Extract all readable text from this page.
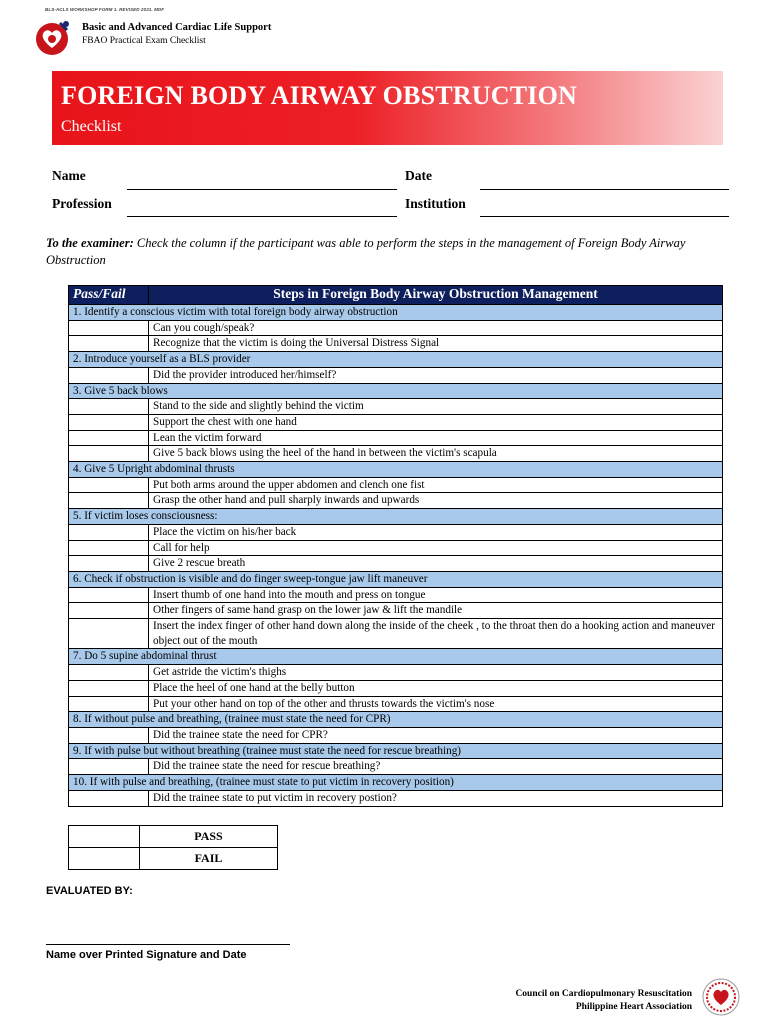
BLS-ACLS WORKSHOP FORM 1. REVISED 2021. MDF
Basic and Advanced Cardiac Life Support
FBAO Practical Exam Checklist
FOREIGN BODY AIRWAY OBSTRUCTION
Checklist
Name	Date
Profession	Institution
To the examiner: Check the column if the participant was able to perform the steps in the management of Foreign Body Airway Obstruction
Pass/Fail	Steps in Foreign Body Airway Obstruction Management
1. Identify a conscious victim with total foreign body airway obstruction	
	Can you cough/speak?
	Recognize that the victim is doing the Universal Distress Signal
2. Introduce yourself as a BLS provider	
	Did the provider introduced her/himself?
3. Give 5 back blows	
	Stand to the side and slightly behind the victim
	Support the chest with one hand
	Lean the victim forward
	Give 5 back blows using the heel of the hand in between the victim's scapula
4. Give 5 Upright abdominal thrusts	
	Put both arms around the upper abdomen and clench one fist
	Grasp the other hand and pull sharply inwards and upwards
5. If victim loses consciousness:	
	Place the victim on his/her back
	Call for help
	Give 2 rescue breath
6. Check if obstruction is visible and do finger sweep-tongue jaw lift maneuver	
	Insert thumb of one hand into the mouth and press on tongue
	Other fingers of same hand grasp on the lower jaw & lift the mandile
	Insert the index finger of other hand down along the inside of the cheek , to the throat then do a hooking action and maneuver object out of the mouth
7. Do 5 supine abdominal thrust	
	Get astride the victim's thighs
	Place the heel of one hand at the belly button
	Put your other hand on top of the other and thrusts towards the victim's nose
8. If without pulse and breathing, (trainee must state the need for CPR)	
	Did the trainee state the need for CPR?
9. If with pulse but without breathing (trainee must state the need for rescue breathing)	
	Did the trainee state the need for rescue breathing?
10. If with pulse and breathing, (trainee must state to put victim in recovery position)	
	Did the trainee state to put victim in recovery postion?
	PASS
	FAIL
EVALUATED BY:
Name over Printed Signature and Date
Council on Cardiopulmonary Resuscitation
Philippine Heart Association
